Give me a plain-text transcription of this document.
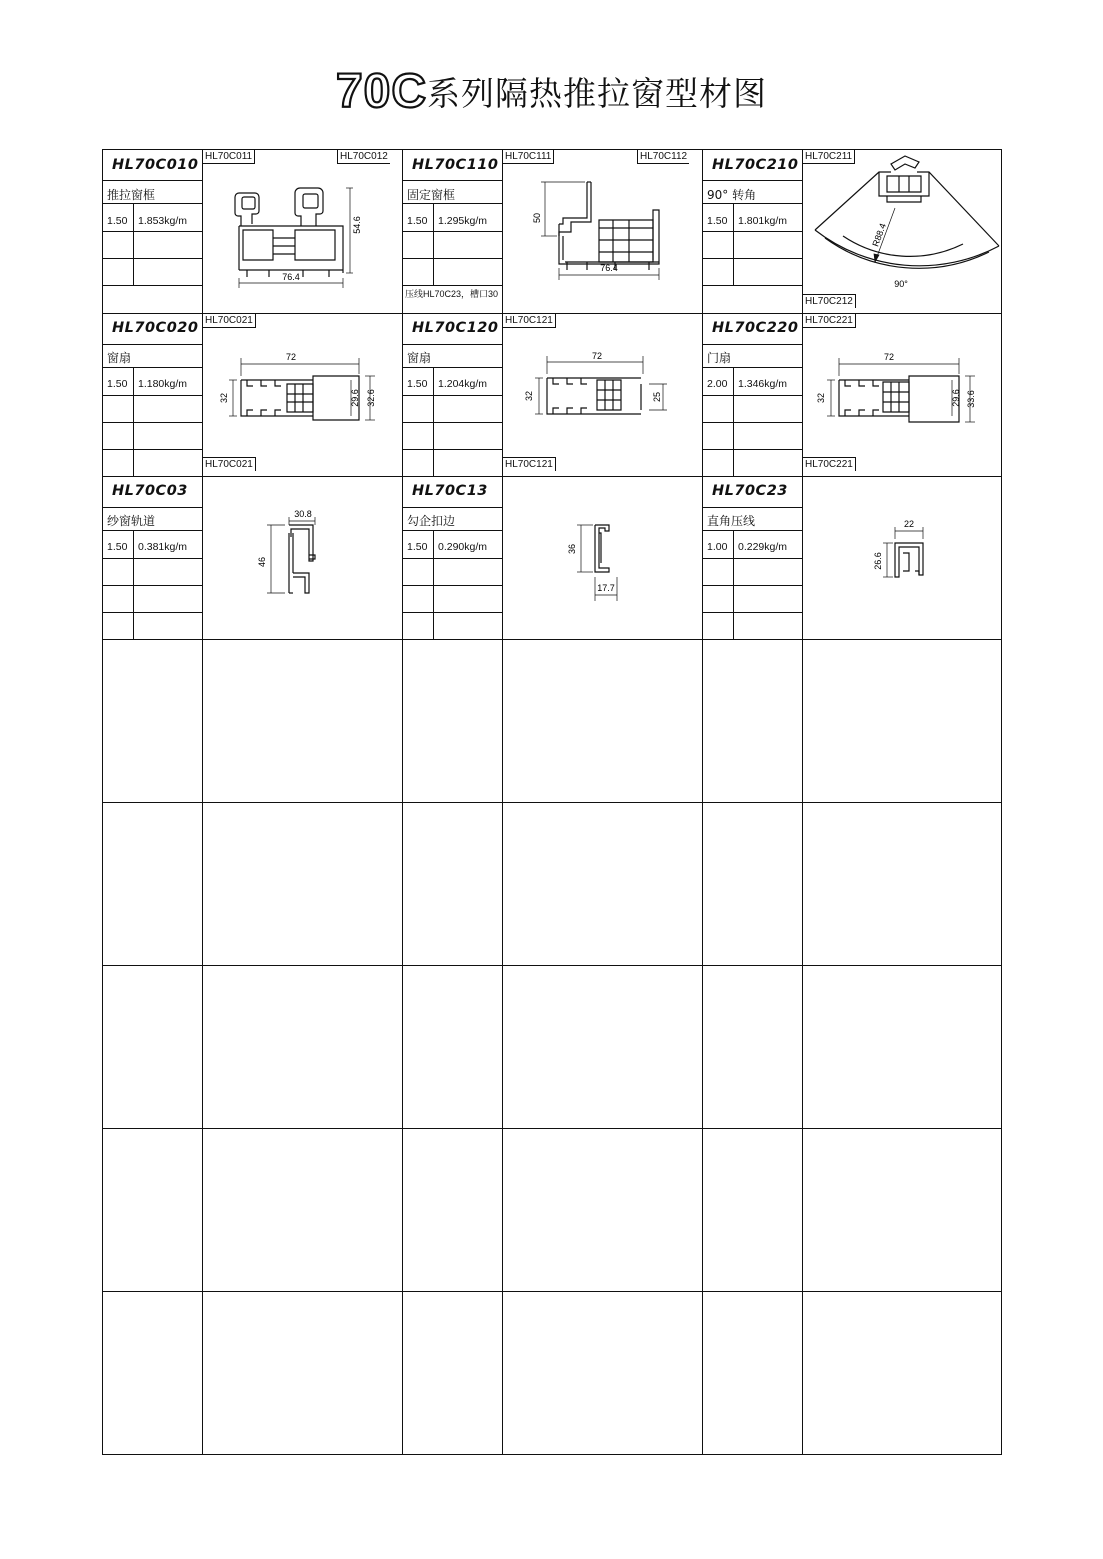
70C系列隔热推拉窗型材图
HL70C010
推拉窗框
1.50 1.853kg/m
HL70C011	HL70C012
HL70C110
固定窗框
1.50 1.295kg/m
压线HL70C23，槽口30
HL70C111	HL70C112
HL70C210
90° 转角
1.50 1.801kg/m
HL70C211
HL70C212
HL70C020
窗扇
1.50 1.180kg/m
HL70C021
HL70C021
HL70C120
窗扇
1.50 1.204kg/m
HL70C121
HL70C121
HL70C220
门扇
2.00 1.346kg/m
HL70C221
HL70C221
HL70C03
纱窗轨道
1.50 0.381kg/m
HL70C13
勾企扣边
1.50 0.290kg/m
HL70C23
直角压线
1.00 0.229kg/m
76.4
54.6
76.4
50
R88.4
90°
72
32	29.6 32.6
72
32	25
72
32	29.6 33.6
30.8
46
36
17.7
22
26.6
